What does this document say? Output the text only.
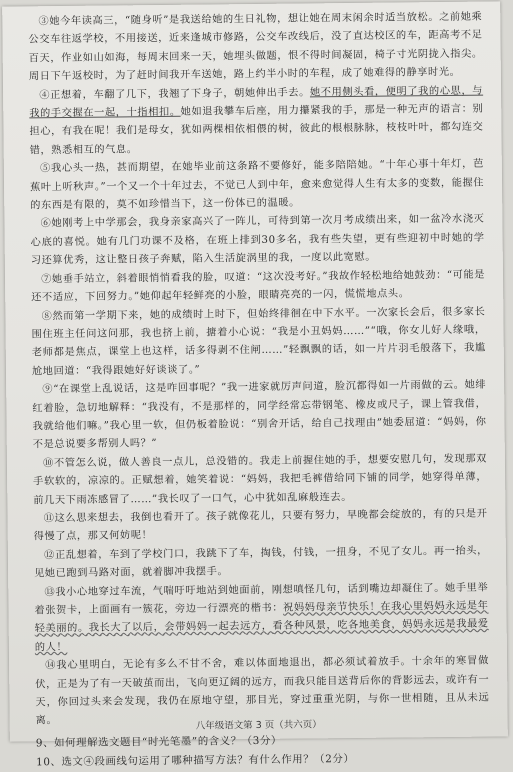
③她今年读高三，“随身听”是我送给她的生日礼物，想让她在周末闲余时适当放松。之前她乘公交车往返学校，不用接送，近来逢城市修路，公交车改线后，没了直达校区的车，距高考不足百天，作业如山如海，每周末回来一天，她埋头做题，恨不得时间凝固，椅子寸光阴拢入指尖。周日下午返校时，为了赶时间我开车送她，路上约半小时的车程，成了她难得的静享时光。

④正想着，车翻了几下，我翘了下身子，朝她伸出手去。她不用侧头看，便明了我的心思，与我的手交握在一起，十指相扣。她如退我攀车后座，用力攥紧我的手，那是一种无声的语言：别担心，有我在呢！我们是母女，犹如两棵相依相偎的树，彼此的根根脉脉，枝枝叶叶，都勾连交错，熟悉相互的气息。

⑤我心头一热，甚而期望，在她毕业前这条路不要修好，能多陪陪她。“十年心事十年灯，芭蕉叶上听秋声。”一个又一个十年过去，不觉已人到中年，愈来愈觉得人生有太多的变数，能握住的东西是有限的，莫不如珍惜当下，这一份体已的温暖。

⑥她刚考上中学那会，我身亲家高兴了一阵儿，可待到第一次月考成绩出来，如一盆冷水浇灭心底的喜悦。她有几门功课不及格，在班上排到30多名，我有些失望，更有些迎初中时她的学习还算优秀，这让整日孩子奔赋，陷入生活旋涡里的我，一度以此宽慰。

⑦她垂手站立，斜着眼悄悄看我的脸，叹道：“这次没考好。”我故作轻松地给她鼓劲：“可能是还不适应，下回努力。”她仰起年轻鲜亮的小脸，眼睛亮亮的一闪，慌慌地点头。

⑧然而第一学期下来，她的成绩时上时下，但始终徘徊在中下水平。一次家长会后，很多家长围住班主任问这问那，我也挤上前，搪着小心说：“我是小丑妈妈……”“哦，你女儿好人缘哦，老师都是焦点，课堂上也这样，话多得剥不住闸……”轻飘飘的话，如一片片羽毛般落下，我尴尬地回道：“我得跟她好好谈谈了。”

⑨“在课堂上乱说话，这是咋回事呢？”我一进家就厉声问道，脸沉都得如一片雨做的云。她绯红着脸，急切地解释：“我没有，不是那样的，同学经常忘带钢笔、橡皮或尺子，课上管我借，我就给他们嘛。”我心里一软，但仍板着脸说：“别舍开话，给自己找理由”她委屈道：“妈妈，你不是总说要多帮别人吗？”

⑩不管怎么说，做人善良一点儿，总没错的。我走上前握住她的手，想要安慰几句，发现那双手软软的，凉凉的。正赋想着，她笑着说：“妈妈，我把毛裤借给同下铺的同学，她穿得单薄，前几天下雨冻感冒了……”我长叹了一口气，心中犹如乱麻般连去。

⑪这么思来想去，我倒也看开了。孩子就像花儿，只要有努力，早晚都会绽放的，有的只是开得慢了点，那又何妨呢！

⑫正乱想着，车到了学校门口，我跳下了车，掏钱，付钱，一扭身，不见了女儿。再一抬头，见她已跑到马路对面，就着脚冲我摆手。

⑬我小心地穿过车流，气喘吁吁地站到她面前，刚想嗔怪几句，话到嘴边却凝住了。她手里举着张贺卡，上面画有一簇花，旁边一行漂亮的楷书：祝妈妈母亲节快乐！在我心里妈妈永远是年轻美丽的。我长大了以后，会带妈妈一起去远方，看各种风景，吃各地美食，妈妈永远是我最爱的人！

⑭我心里明白，无论有多么不甘不舍，难以体面地退出，都必须试着放手。十余年的寒冒做伏，正是为了有一天破茧而出，飞向更辽阔的远方，而我只能目送背后你的背影远去，或许有一天，你回过头来会发现，我仍在原地守望，那目光，穿过重重光阴，与你一世相随，且从未远离。

9、如何理解选文题目“时光笔墨”的含义？（3分）
10、选文④段画线句运用了哪种描写方法？有什么作用？（2分）
八年级语文第 3 页（共六页）
